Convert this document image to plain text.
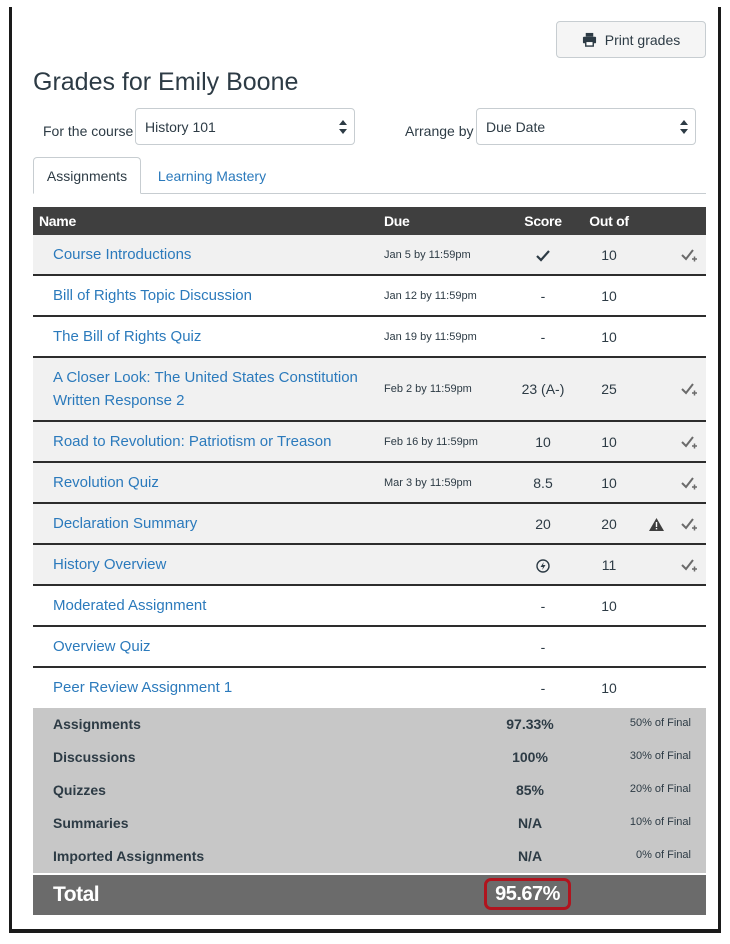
Print grades
Grades for Emily Boone
For the course History 101	Arrange by Due Date
Assignments	Learning Mastery
Name	Due	Score	Out of		
Course Introductions	Jan 5 by 11:59pm		10		
Bill of Rights Topic Discussion	Jan 12 by 11:59pm	-	10		
The Bill of Rights Quiz	Jan 19 by 11:59pm	-	10		
A Closer Look: The United States Constitution
Written Response 2	Feb 2 by 11:59pm	23 (A-)	25		
Road to Revolution: Patriotism or Treason	Feb 16 by 11:59pm	10	10		
Revolution Quiz	Mar 3 by 11:59pm	8.5	10		
Declaration Summary		20	20		
History Overview			11		
Moderated Assignment		-	10		
Overview Quiz		-			
Peer Review Assignment 1		-	10		
Assignments	97.33%	50% of Final
Discussions	100%	30% of Final
Quizzes	85%	20% of Final
Summaries	N/A	10% of Final
Imported Assignments	N/A	0% of Final
Total	95.67%
